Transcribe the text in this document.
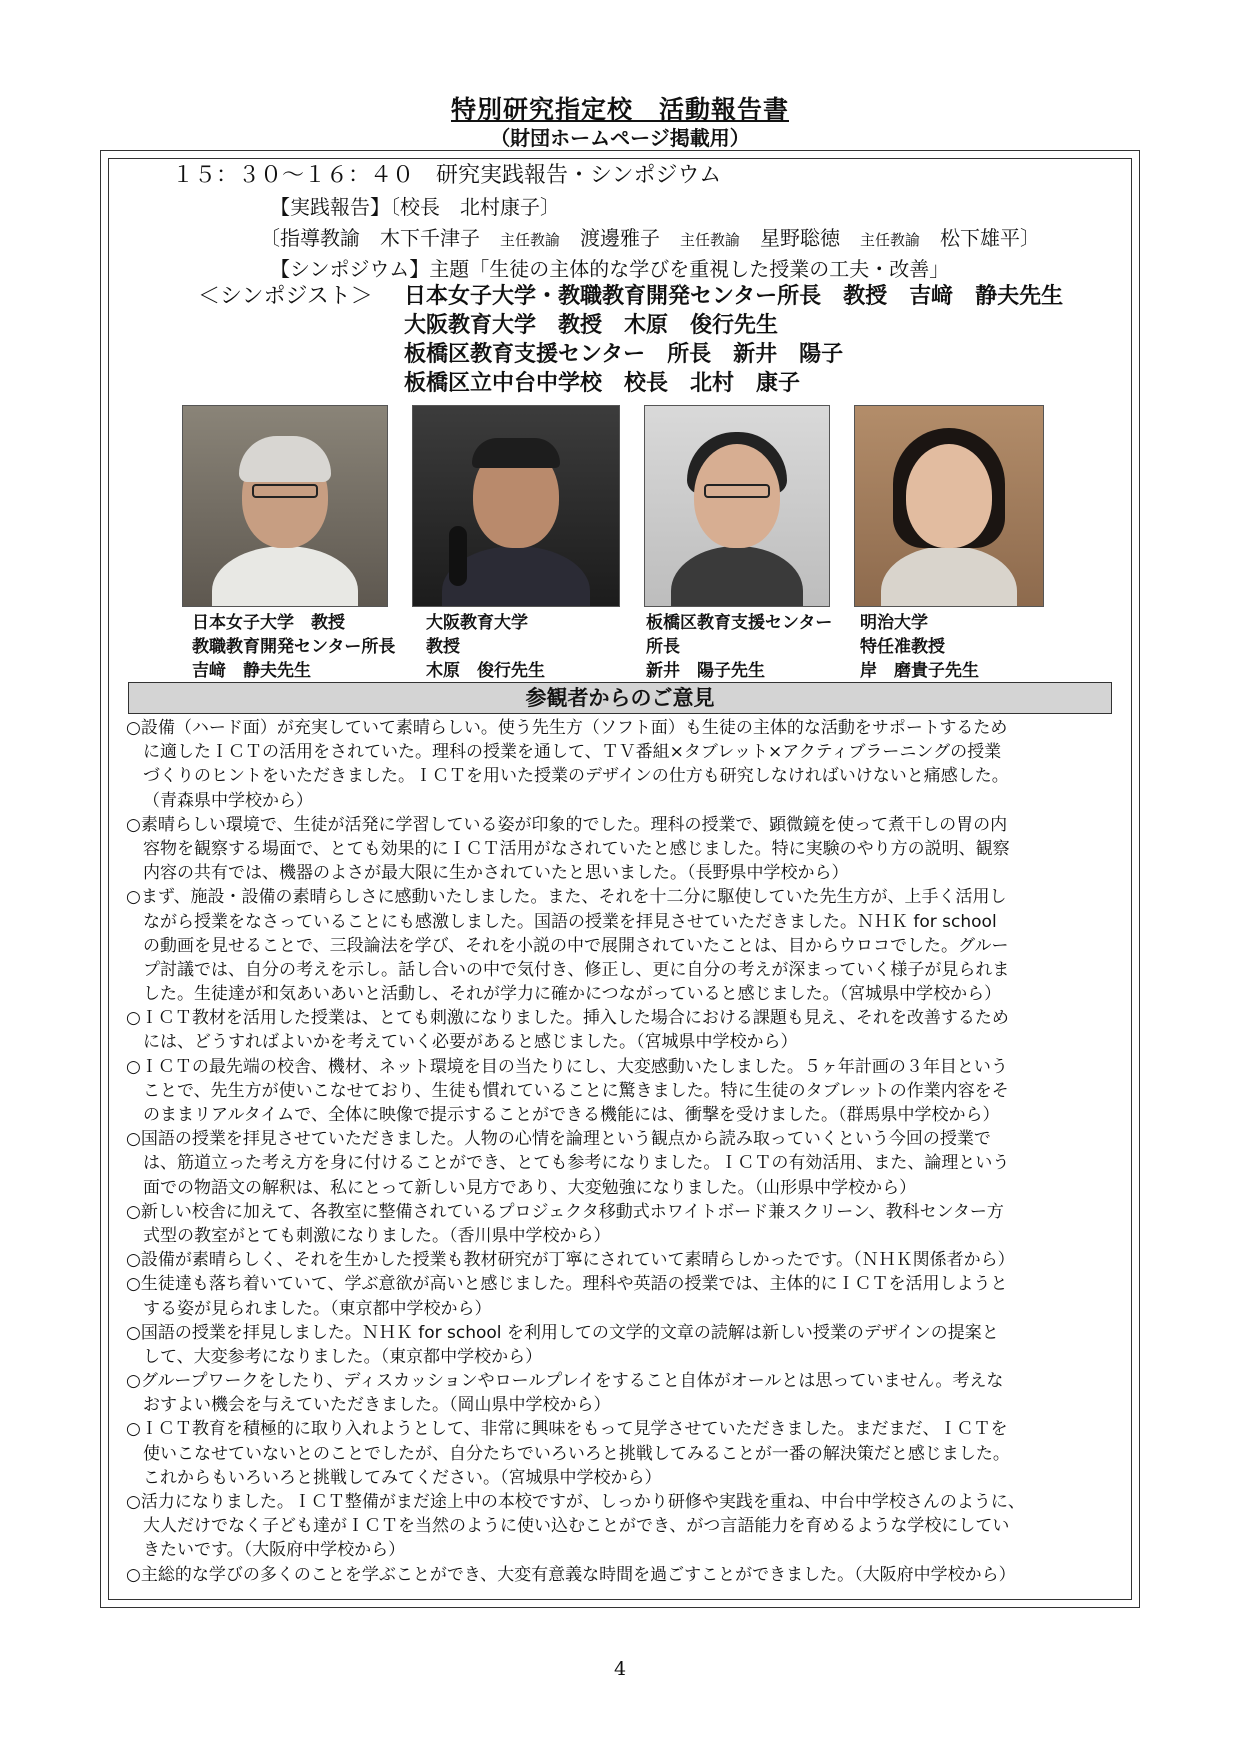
特別研究指定校　活動報告書
（財団ホームページ掲載用）
１５：３０〜１６：４０　研究実践報告・シンポジウム
【実践報告】〔校長　北村康子〕
〔指導教諭　木下千津子　主任教諭　渡邊雅子　主任教諭　星野聡徳　主任教諭　松下雄平〕
【シンポジウム】主題「生徒の主体的な学びを重視した授業の工夫・改善」
＜シンポジスト＞ 日本女子大学・教職教育開発センター所長　教授　吉﨑　静夫先生
大阪教育大学　教授　木原　俊行先生
板橋区教育支援センター　所長　新井　陽子
板橋区立中台中学校　校長　北村　康子
日本女子大学　教授
教職教育開発センター所長
吉﨑　静夫先生
大阪教育大学
教授
木原　俊行先生
板橋区教育支援センター
所長
新井　陽子先生
明治大学
特任准教授
岸　磨貴子先生
参観者からのご意見
○設備（ハード面）が充実していて素晴らしい。使う先生方（ソフト面）も生徒の主体的な活動をサポートするため
に適したＩＣＴの活用をされていた。理科の授業を通して、ＴＶ番組×タブレット×アクティブラーニングの授業
づくりのヒントをいただきました。ＩＣＴを用いた授業のデザインの仕方も研究しなければいけないと痛感した。
（青森県中学校から）
○素晴らしい環境で、生徒が活発に学習している姿が印象的でした。理科の授業で、顕微鏡を使って煮干しの胃の内
容物を観察する場面で、とても効果的にＩＣＴ活用がなされていたと感じました。特に実験のやり方の説明、観察
内容の共有では、機器のよさが最大限に生かされていたと思いました。（長野県中学校から）
○まず、施設・設備の素晴らしさに感動いたしました。また、それを十二分に駆使していた先生方が、上手く活用し
ながら授業をなさっていることにも感激しました。国語の授業を拝見させていただきました。ＮＨＫ for school
の動画を見せることで、三段論法を学び、それを小説の中で展開されていたことは、目からウロコでした。グルー
プ討議では、自分の考えを示し。話し合いの中で気付き、修正し、更に自分の考えが深まっていく様子が見られま
した。生徒達が和気あいあいと活動し、それが学力に確かにつながっていると感じました。（宮城県中学校から）
○ＩＣＴ教材を活用した授業は、とても刺激になりました。挿入した場合における課題も見え、それを改善するため
には、どうすればよいかを考えていく必要があると感じました。（宮城県中学校から）
○ＩＣＴの最先端の校舎、機材、ネット環境を目の当たりにし、大変感動いたしました。５ヶ年計画の３年目という
ことで、先生方が使いこなせており、生徒も慣れていることに驚きました。特に生徒のタブレットの作業内容をそ
のままリアルタイムで、全体に映像で提示することができる機能には、衝撃を受けました。（群馬県中学校から）
○国語の授業を拝見させていただきました。人物の心情を論理という観点から読み取っていくという今回の授業で
は、筋道立った考え方を身に付けることができ、とても参考になりました。ＩＣＴの有効活用、また、論理という
面での物語文の解釈は、私にとって新しい見方であり、大変勉強になりました。（山形県中学校から）
○新しい校舎に加えて、各教室に整備されているプロジェクタ移動式ホワイトボード兼スクリーン、教科センター方
式型の教室がとても刺激になりました。（香川県中学校から）
○設備が素晴らしく、それを生かした授業も教材研究が丁寧にされていて素晴らしかったです。（ＮＨＫ関係者から）
○生徒達も落ち着いていて、学ぶ意欲が高いと感じました。理科や英語の授業では、主体的にＩＣＴを活用しようと
する姿が見られました。（東京都中学校から）
○国語の授業を拝見しました。ＮＨＫ for school を利用しての文学的文章の読解は新しい授業のデザインの提案と
して、大変参考になりました。（東京都中学校から）
○グループワークをしたり、ディスカッションやロールプレイをすること自体がオールとは思っていません。考えな
おすよい機会を与えていただきました。（岡山県中学校から）
○ＩＣＴ教育を積極的に取り入れようとして、非常に興味をもって見学させていただきました。まだまだ、ＩＣＴを
使いこなせていないとのことでしたが、自分たちでいろいろと挑戦してみることが一番の解決策だと感じました。
これからもいろいろと挑戦してみてください。（宮城県中学校から）
○活力になりました。ＩＣＴ整備がまだ途上中の本校ですが、しっかり研修や実践を重ね、中台中学校さんのように、
大人だけでなく子ども達がＩＣＴを当然のように使い込むことができ、がつ言語能力を育めるような学校にしてい
きたいです。（大阪府中学校から）
○主総的な学びの多くのことを学ぶことができ、大変有意義な時間を過ごすことができました。（大阪府中学校から）
4
